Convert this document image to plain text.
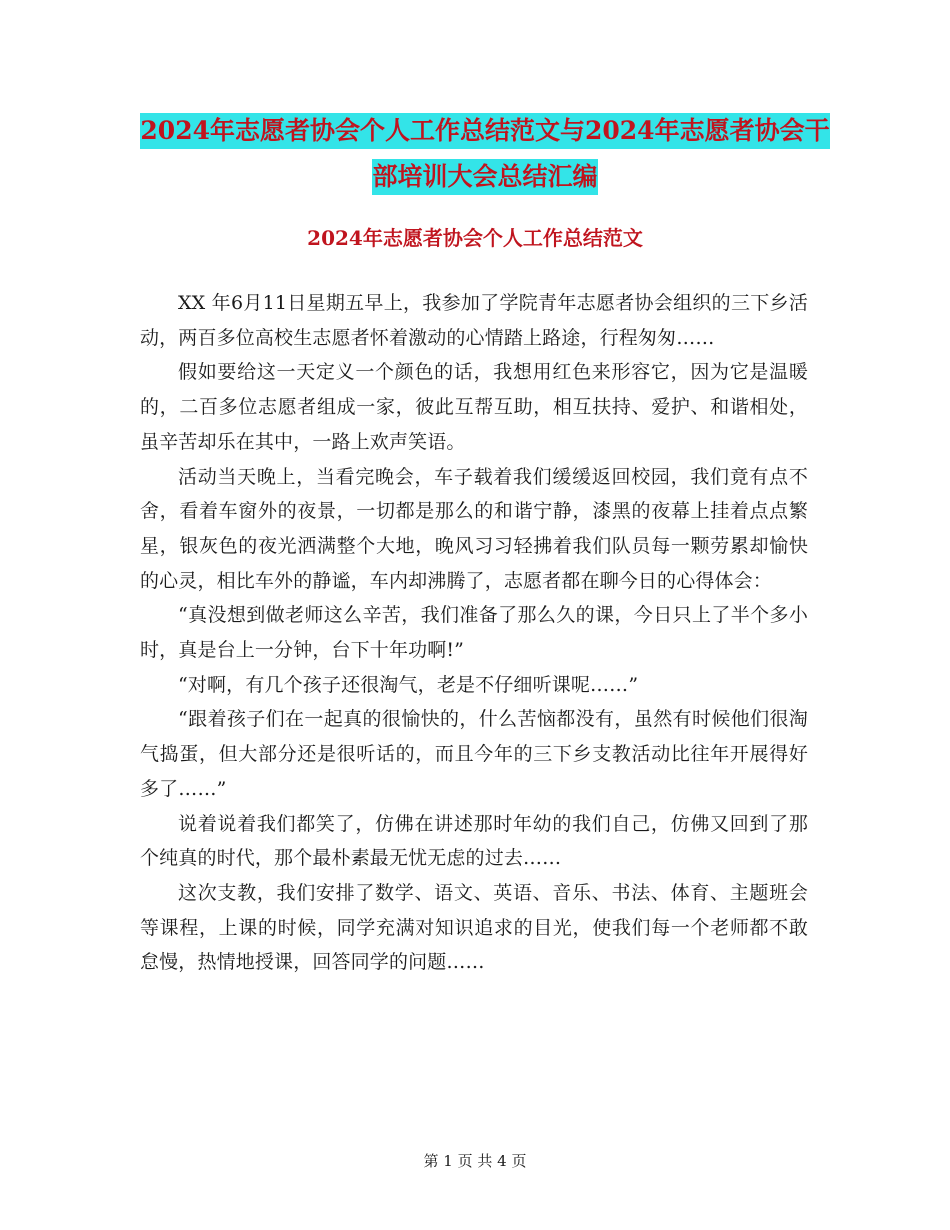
2024年志愿者协会个人工作总结范文与2024年志愿者协会干部培训大会总结汇编
2024年志愿者协会个人工作总结范文

XX 年6月11日星期五早上，我参加了学院青年志愿者协会组织的三下乡活动，两百多位高校生志愿者怀着激动的心情踏上路途，行程匆匆……

假如要给这一天定义一个颜色的话，我想用红色来形容它，因为它是温暖的，二百多位志愿者组成一家，彼此互帮互助，相互扶持、爱护、和谐相处，虽辛苦却乐在其中，一路上欢声笑语。

活动当天晚上，当看完晚会，车子载着我们缓缓返回校园，我们竟有点不舍，看着车窗外的夜景，一切都是那么的和谐宁静，漆黑的夜幕上挂着点点繁星，银灰色的夜光洒满整个大地，晚风习习轻拂着我们队员每一颗劳累却愉快的心灵，相比车外的静谧，车内却沸腾了，志愿者都在聊今日的心得体会：

“真没想到做老师这么辛苦，我们准备了那么久的课，今日只上了半个多小时，真是台上一分钟，台下十年功啊!”

“对啊，有几个孩子还很淘气，老是不仔细听课呢……”

“跟着孩子们在一起真的很愉快的，什么苦恼都没有，虽然有时候他们很淘气捣蛋，但大部分还是很听话的，而且今年的三下乡支教活动比往年开展得好多了……”

说着说着我们都笑了，仿佛在讲述那时年幼的我们自己，仿佛又回到了那个纯真的时代，那个最朴素最无忧无虑的过去……

这次支教，我们安排了数学、语文、英语、音乐、书法、体育、主题班会等课程，上课的时候，同学充满对知识追求的目光，使我们每一个老师都不敢怠慢，热情地授课，回答同学的问题……

第 1 页 共 4 页
